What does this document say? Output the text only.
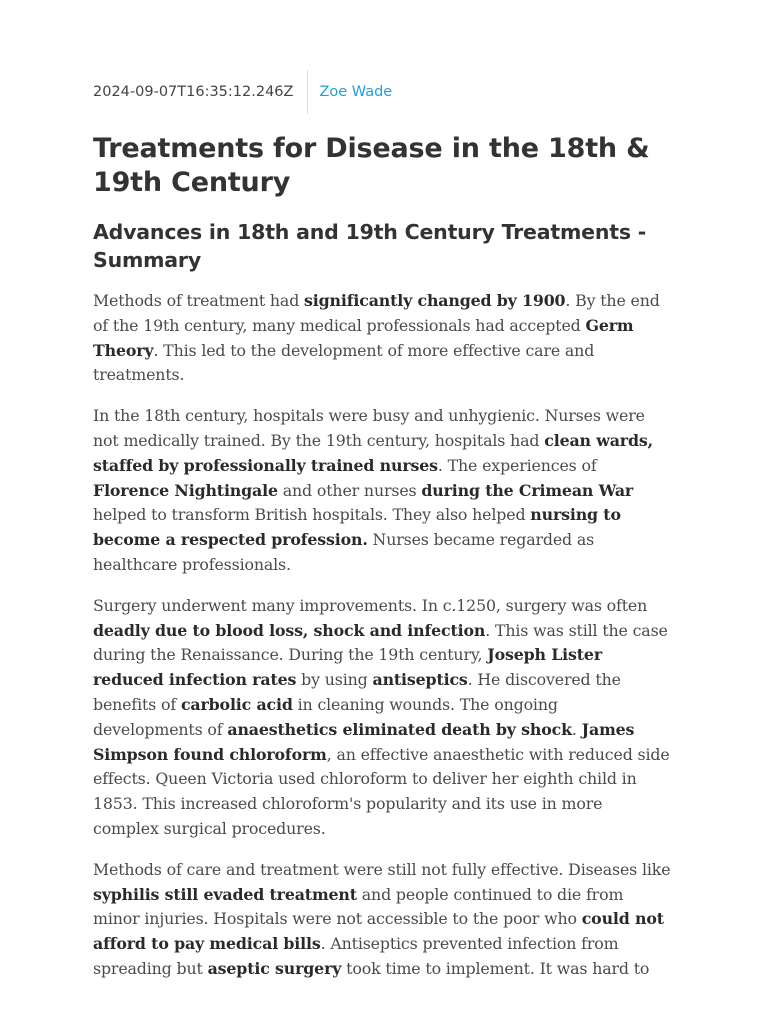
2024-09-07T16:35:12.246Z	Zoe Wade
Treatments for Disease in the 18th & 19th Century
Advances in 18th and 19th Century Treatments - Summary

Methods of treatment had significantly changed by 1900. By the end of the 19th century, many medical professionals had accepted Germ Theory. This led to the development of more effective care and treatments.

In the 18th century, hospitals were busy and unhygienic. Nurses were not medically trained. By the 19th century, hospitals had clean wards, staffed by professionally trained nurses. The experiences of Florence Nightingale and other nurses during the Crimean War helped to transform British hospitals. They also helped nursing to become a respected profession. Nurses became regarded as healthcare professionals.

Surgery underwent many improvements. In c.1250, surgery was often deadly due to blood loss, shock and infection. This was still the case during the Renaissance. During the 19th century, Joseph Lister reduced infection rates by using antiseptics. He discovered the benefits of carbolic acid in cleaning wounds. The ongoing developments of anaesthetics eliminated death by shock. James Simpson found chloroform, an effective anaesthetic with reduced side effects. Queen Victoria used chloroform to deliver her eighth child in 1853. This increased chloroform's popularity and its use in more complex surgical procedures.

Methods of care and treatment were still not fully effective. Diseases like syphilis still evaded treatment and people continued to die from minor injuries. Hospitals were not accessible to the poor who could not afford to pay medical bills. Antiseptics prevented infection from spreading but aseptic surgery took time to implement. It was hard to
